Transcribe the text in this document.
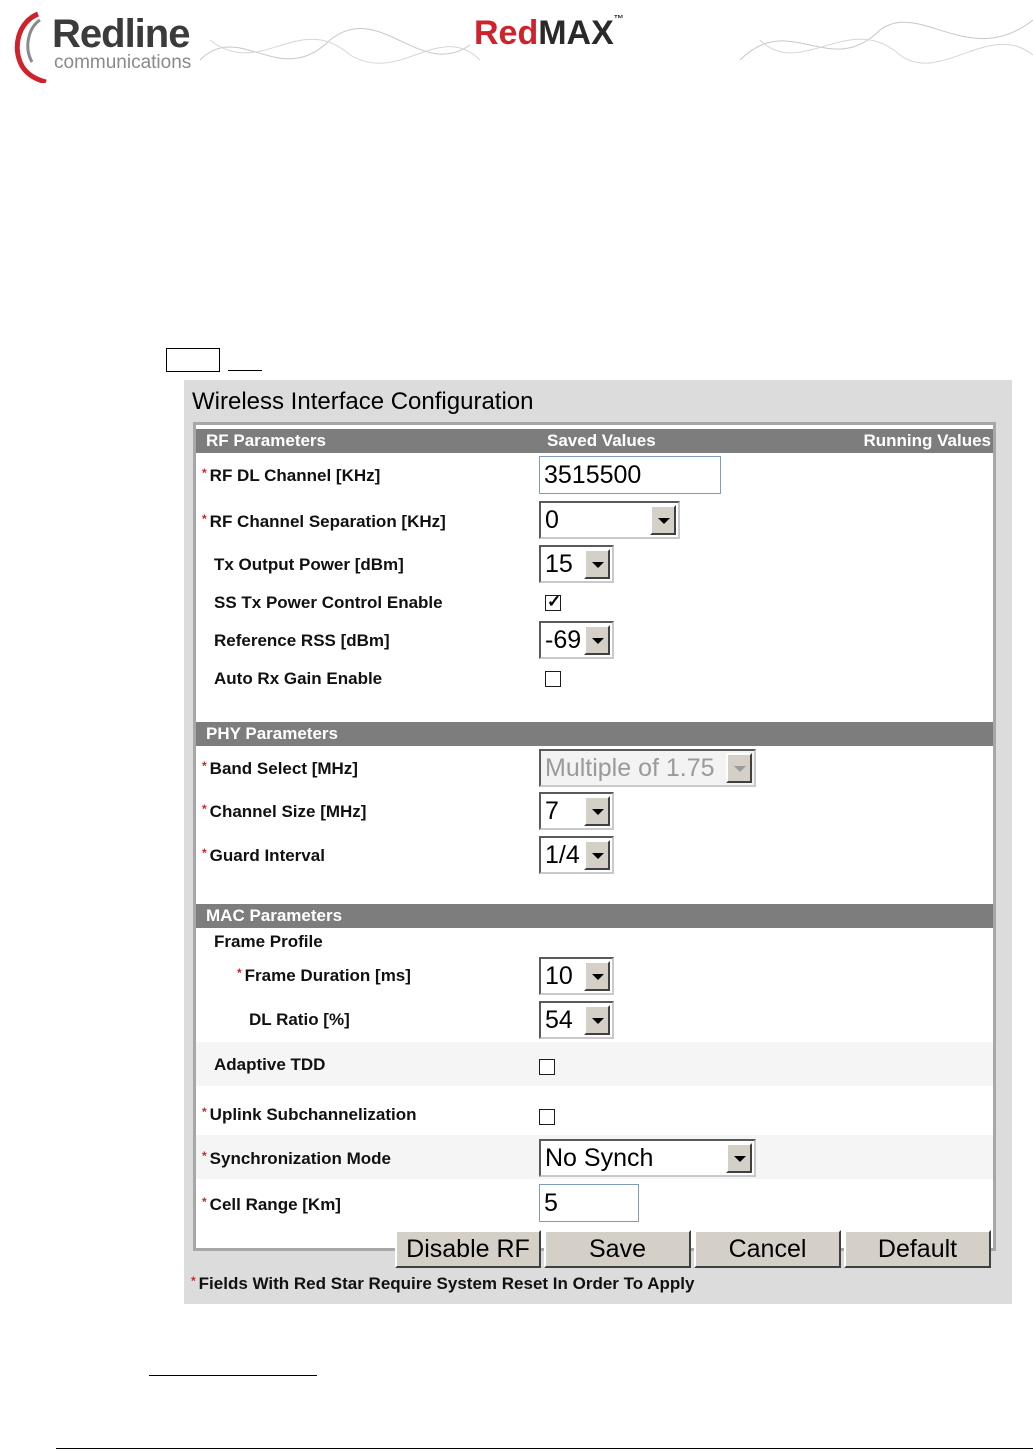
Redline
communications
RedMAX™
Wireless Interface Configuration
RF Parameters	Saved Values	Running Values
* RF DL Channel [KHz]	3515500
* RF Channel Separation [KHz]	0
Tx Output Power [dBm]	15
SS Tx Power Control Enable	✓
Reference RSS [dBm]	-69
Auto Rx Gain Enable
PHY Parameters
* Band Select [MHz]	Multiple of 1.75
* Channel Size [MHz]	7
* Guard Interval	1/4
MAC Parameters
Frame Profile
* Frame Duration [ms]	10
DL Ratio [%]	54
Adaptive TDD
* Uplink Subchannelization
* Synchronization Mode	No Synch
* Cell Range [Km]	5
Disable RF	Save	Cancel	Default
* Fields With Red Star Require System Reset In Order To Apply
